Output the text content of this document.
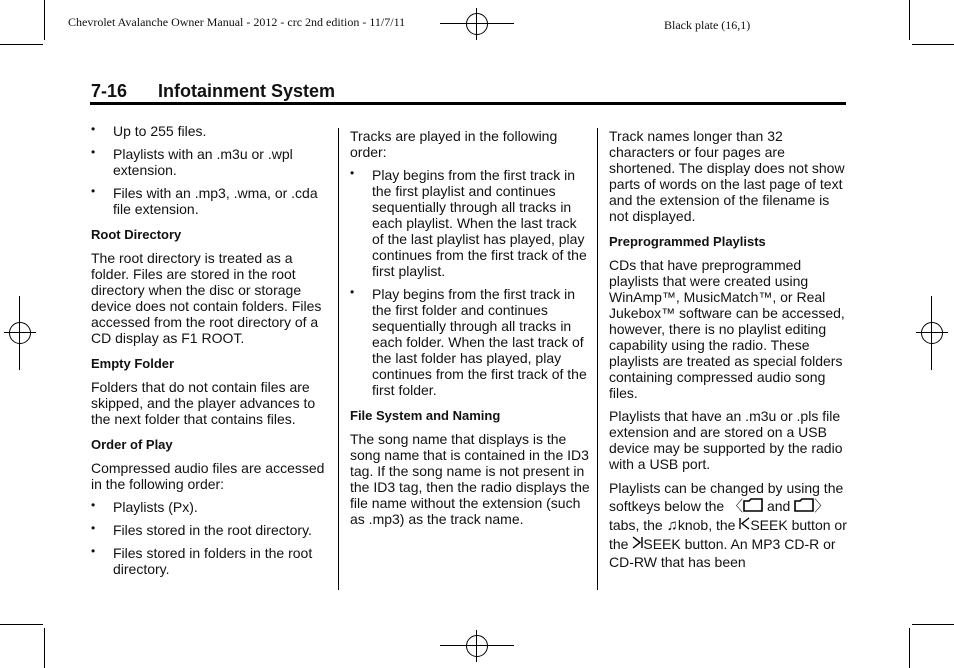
Chevrolet Avalanche Owner Manual - 2012 - crc 2nd edition - 11/7/11	Black plate (16,1)
7-16 Infotainment System
• Up to 255 files.
• Playlists with an .m3u or .wpl extension.
• Files with an .mp3, .wma, or .cda file extension.
Root Directory

The root directory is treated as a folder. Files are stored in the root directory when the disc or storage device does not contain folders. Files accessed from the root directory of a CD display as F1 ROOT.

Empty Folder

Folders that do not contain files are skipped, and the player advances to the next folder that contains files.

Order of Play

Compressed audio files are accessed in the following order:

• Playlists (Px).
• Files stored in the root directory.
• Files stored in folders in the root directory.

Tracks are played in the following order:

• Play begins from the first track in the first playlist and continues sequentially through all tracks in each playlist. When the last track of the last playlist has played, play continues from the first track of the first playlist.
• Play begins from the first track in the first folder and continues sequentially through all tracks in each folder. When the last track of the last folder has played, play continues from the first track of the first folder.
File System and Naming

The song name that displays is the song name that is contained in the ID3 tag. If the song name is not present in the ID3 tag, then the radio displays the file name without the extension (such as .mp3) as the track name.

Track names longer than 32 characters or four pages are shortened. The display does not show parts of words on the last page of text and the extension of the filename is not displayed.

Preprogrammed Playlists

CDs that have preprogrammed playlists that were created using WinAmp™, MusicMatch™, or Real Jukebox™ software can be accessed, however, there is no playlist editing capability using the radio. These playlists are treated as special folders containing compressed audio song files.

Playlists that have an .m3u or .pls file extension and are stored on a USB device may be supported by the radio with a USB port.

Playlists can be changed by using the softkeys below the 〈 and 〉 tabs, the ♫knob, the SEEK button or the SEEK button. An MP3 CD-R or CD-RW that has been
